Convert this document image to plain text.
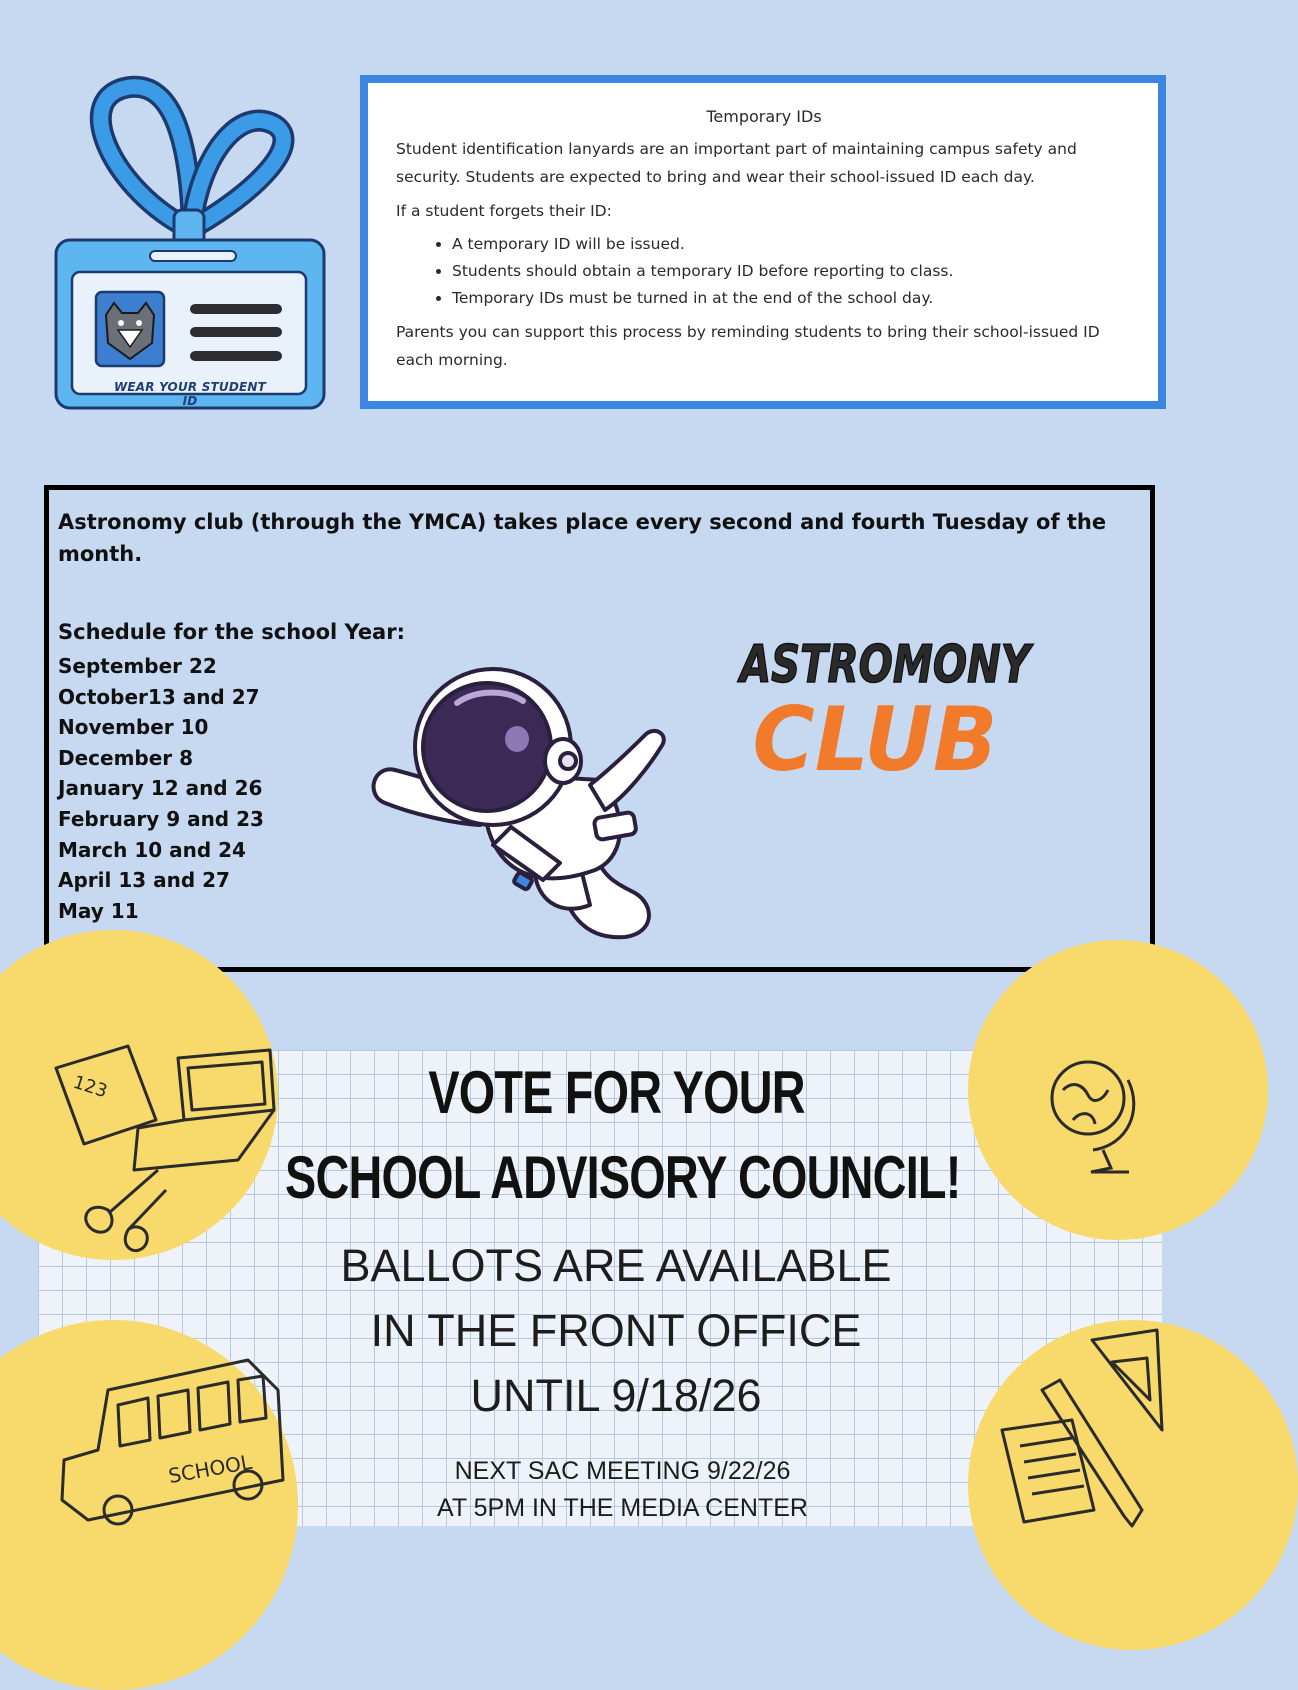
WEAR YOUR STUDENT ID
Temporary IDs

Student identification lanyards are an important part of maintaining campus safety and security. Students are expected to bring and wear their school-issued ID each day.

If a student forgets their ID:

• A temporary ID will be issued.
• Students should obtain a temporary ID before reporting to class.
• Temporary IDs must be turned in at the end of the school day.

Parents you can support this process by reminding students to bring their school-issued ID each morning.

Astronomy club (through the YMCA) takes place every second and fourth Tuesday of the month.
Schedule for the school Year:
September 22
October13 and 27
November 10
December 8
January 12 and 26
February 9 and 23
March 10 and 24
April 13 and 27
May 11
ASTROMONY
CLUB
123
SCHOOL
VOTE FOR YOUR
SCHOOL ADVISORY COUNCIL!
BALLOTS ARE AVAILABLE
IN THE FRONT OFFICE
UNTIL 9/18/26
NEXT SAC MEETING 9/22/26
AT 5PM IN THE MEDIA CENTER
